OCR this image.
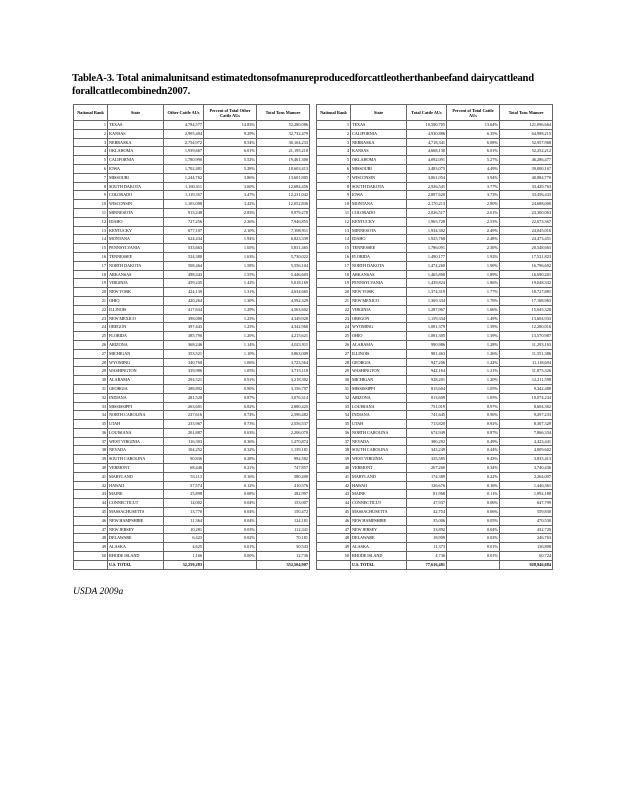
TableA-3. Total animalunitsand estimatedtonsofmanureproducedforcattleotherthanbeefand dairycattleand forallcattlecombinedn2007.
National Rank	State	Other Cattle AUs	Percent of Total Other Cattle AUs	Total Tons Manure
1	TEXAS	4,784,577	14.83%	52,280,086
2	KANSAS	2,995,494	9.29%	32,732,479
3	NEBRASKA	2,754,972	8.54%	30,104,233
4	OKLAHOMA	1,939,667	6.01%	21,195,210
5	CALIFORNIA	1,780,990	5.52%	19,461,300
6	IOWA	1,702,481	5.28%	18,603,413
7	MISSOURI	1,244,762	3.86%	13,601,805
8	SOUTH DAKOTA	1,160,311	3.60%	12,684,456
9	COLORADO	1,119,357	3.47%	12,231,042
10	WISCONSIN	1,103,008	3.42%	12,052,836
11	MINNESOTA	913,248	2.83%	9,979,278
12	IDAHO	727,256	2.26%	7,946,855
13	KENTUCKY	677,107	2.10%	7,398,911
14	MONTANA	624,434	1.94%	6,823,339
15	PENNSYLVANIA	533,663	1.65%	5,831,465
16	TENNESSEE	524,380	1.63%	5,730,022
17	NORTH DAKOTA	508,464	1.58%	5,556,104
18	ARKANSAS	498,443	1.55%	5,446,603
19	VIRGINIA	459,235	1.42%	5,018,169
20	NEW YORK	424,139	1.31%	4,634,665
21	OHIO	420,264	1.30%	4,592,329
22	ILLINOIS	417,634	1.29%	4,563,602
23	NEW MEXICO	398,080	1.23%	4,349,920
24	OREGON	397,443	1.23%	4,342,960
25	FLORIDA	385,790	1.20%	4,215,621
26	ARIZONA	368,246	1.14%	4,023,911
27	MICHIGAN	353,521	1.10%	3,863,009
28	WYOMING	340,760	1.06%	3,723,564
29	WASHINGTON	339,986	1.05%	3,715,110
30	ALABAMA	294,521	0.91%	3,218,302
31	GEORGIA	288,892	0.90%	3,156,797
32	INDIANA	281,520	0.87%	3,076,314
33	MISSISSIPPI	263,601	0.82%	2,880,425
34	NORTH CAROLINA	237,616	0.74%	2,596,482
35	UTAH	233,967	0.73%	2,556,537
36	LOUISIANA	201,887	0.63%	2,206,070
37	WEST VIRGINIA	116,303	0.36%	1,270,874
38	NEVADA	104,252	0.32%	1,139,181
39	SOUTH CAROLINA	90,836	0.28%	992,582
40	VERMONT	68,440	0.21%	747,857
41	MARYLAND	53,113	0.16%	580,400
42	HAWAII	37,574	0.12%	410,576
43	MAINE	25,898	0.08%	282,997
44	CONNECTICUT	14,002	0.04%	153,007
45	MASSACHUSETTS	13,770	0.04%	150,472
46	NEW HAMPSHIRE	11,364	0.04%	124,181
47	NEW JERSEY	10,281	0.03%	112,341
48	DELAWARE	6,423	0.02%	70,181
49	ALASKA	4,625	0.01%	50,543
50	RHODE ISLAND	1,166	0.00%	12,736
	U.S. TOTAL	32,259,283		352,504,907
National Rank	State	Total Cattle AUs	Percent of Total Cattle AUs	Total Tons Manure
1	TEXAS	10,590,705	13.64%	121,096,664
2	CALIFORNIA	4,930,886	6.35%	64,988,215
3	NEBRASKA	4,718,341	6.08%	52,957,968
4	KANSAS	4,668,130	6.01%	52,252,212
5	OKLAHOMA	4,092,091	5.27%	46,286,477
6	MISSOURI	3,483,075	4.49%	39,000,167
7	WISCONSIN	3,061,054	3.94%	40,884,770
8	SOUTH DAKOTA	2,926,541	3.77%	33,429,763
9	IOWA	2,897,620	3.73%	33,456,433
10	MONTANA	2,170,213	2.80%	24,688,000
11	COLORADO	2,026,517	2.61%	23,300,063
12	KENTUCKY	1,965,728	2.53%	22,673,367
13	MINNESOTA	1,934,302	2.49%	24,045,016
14	IDAHO	1,925,768	2.48%	24,473,451
15	TENNESSEE	1,786,091	2.30%	20,548,663
16	FLORIDA	1,490,177	1.92%	17,521,823
17	NORTH DAKOTA	1,474,260	1.90%	16,796,692
18	ARKANSAS	1,465,800	1.89%	16,690,201
19	PENNSYLVANIA	1,439,824	1.86%	19,048,332
20	NEW YORK	1,374,319	1.77%	18,727,881
21	NEW MEXICO	1,369,334	1.76%	17,168,963
22	VIRGINIA	1,287,967	1.66%	15,045,320
23	OREGON	1,159,334	1.49%	13,604,933
24	WYOMING	1,081,379	1.39%	12,280,016
25	OHIO	1,081,305	1.39%	13,570,987
26	ALABAMA	990,986	1.28%	11,293,163
27	ILLINOIS	981,463	1.26%	11,551,386
28	GEORGIA	947,206	1.22%	11,118,694
29	WASHINGTON	942,164	1.21%	11,875,326
30	MICHIGAN	928,201	1.20%	12,211,598
31	MISSISSIPPI	815,604	1.05%	9,342,488
32	ARIZONA	813,609	1.05%	10,074,234
33	LOUISIANA	751,019	0.97%	8,604,302
34	INDIANA	741,645	0.96%	9,297,233
35	UTAH	713,820	0.92%	8,307,329
36	NORTH CAROLINA	674,949	0.87%	7,866,334
37	NEVADA	380,292	0.49%	4,423,441
38	SOUTH CAROLINA	343,249	0.44%	4,009,602
39	WEST VIRGINIA	335,585	0.43%	3,835,413
40	VERMONT	267,260	0.34%	3,740,436
41	MARYLAND	174,389	0.22%	2,264,007
42	HAWAII	126,676	0.16%	1,446,361
43	MAINE	81,968	0.11%	1,092,188
44	CONNECTICUT	47,937	0.06%	647,799
45	MASSACHUSETTS	42,754	0.06%	559,830
46	NEW HAMPSHIRE	35,006	0.05%	470,530
47	NEW JERSEY	33,892	0.04%	432,729
48	DELAWARE	18,909	0.02%	246,763
49	ALASKA	11,373	0.01%	136,808
50	RHODE ISLAND	4,736	0.01%	60,724
	U.S. TOTAL	77,616,481		928,946,684
USDA 2009a
